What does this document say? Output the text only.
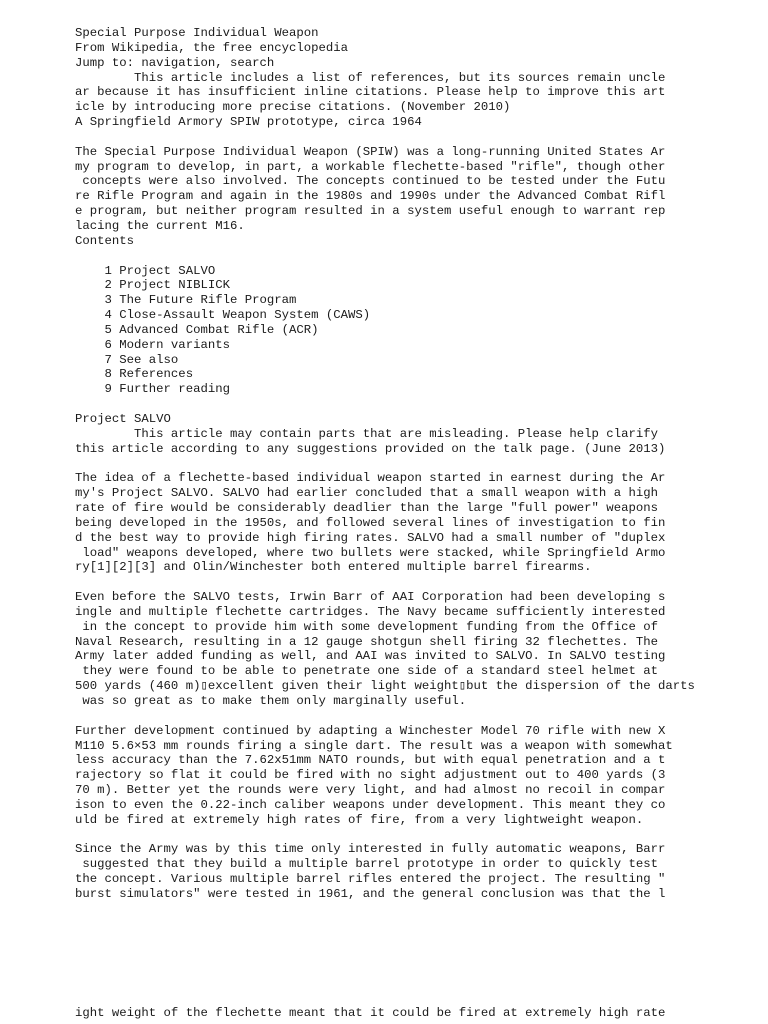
Special Purpose Individual Weapon
From Wikipedia, the free encyclopedia
Jump to: navigation, search
This article includes a list of references, but its sources remain uncle
ar because it has insufficient inline citations. Please help to improve this art
icle by introducing more precise citations. (November 2010)
A Springfield Armory SPIW prototype, circa 1964
The Special Purpose Individual Weapon (SPIW) was a long-running United States Ar
my program to develop, in part, a workable flechette-based "rifle", though other
concepts were also involved. The concepts continued to be tested under the Futu
re Rifle Program and again in the 1980s and 1990s under the Advanced Combat Rifl
e program, but neither program resulted in a system useful enough to warrant rep
lacing the current M16.
Contents
1 Project SALVO
2 Project NIBLICK
3 The Future Rifle Program
4 Close-Assault Weapon System (CAWS)
5 Advanced Combat Rifle (ACR)
6 Modern variants
7 See also
8 References
9 Further reading
Project SALVO
This article may contain parts that are misleading. Please help clarify
this article according to any suggestions provided on the talk page. (June 2013)
The idea of a flechette-based individual weapon started in earnest during the Ar
my's Project SALVO. SALVO had earlier concluded that a small weapon with a high
rate of fire would be considerably deadlier than the large "full power" weapons
being developed in the 1950s, and followed several lines of investigation to fin
d the best way to provide high firing rates. SALVO had a small number of "duplex
load" weapons developed, where two bullets were stacked, while Springfield Armo
ry[1][2][3] and Olin/Winchester both entered multiple barrel firearms.
Even before the SALVO tests, Irwin Barr of AAI Corporation had been developing s
ingle and multiple flechette cartridges. The Navy became sufficiently interested
in the concept to provide him with some development funding from the Office of
Naval Research, resulting in a 12 gauge shotgun shell firing 32 flechettes. The
Army later added funding as well, and AAI was invited to SALVO. In SALVO testing
they were found to be able to penetrate one side of a standard steel helmet at
500 yards (460 m)▯excellent given their light weight▯but the dispersion of the darts
was so great as to make them only marginally useful.
Further development continued by adapting a Winchester Model 70 rifle with new X
M110 5.6×53 mm rounds firing a single dart. The result was a weapon with somewhat
less accuracy than the 7.62x51mm NATO rounds, but with equal penetration and a t
rajectory so flat it could be fired with no sight adjustment out to 400 yards (3
70 m). Better yet the rounds were very light, and had almost no recoil in compar
ison to even the 0.22-inch caliber weapons under development. This meant they co
uld be fired at extremely high rates of fire, from a very lightweight weapon.
Since the Army was by this time only interested in fully automatic weapons, Barr
suggested that they build a multiple barrel prototype in order to quickly test
the concept. Various multiple barrel rifles entered the project. The resulting "
burst simulators" were tested in 1961, and the general conclusion was that the l
ight weight of the flechette meant that it could be fired at extremely high rate
